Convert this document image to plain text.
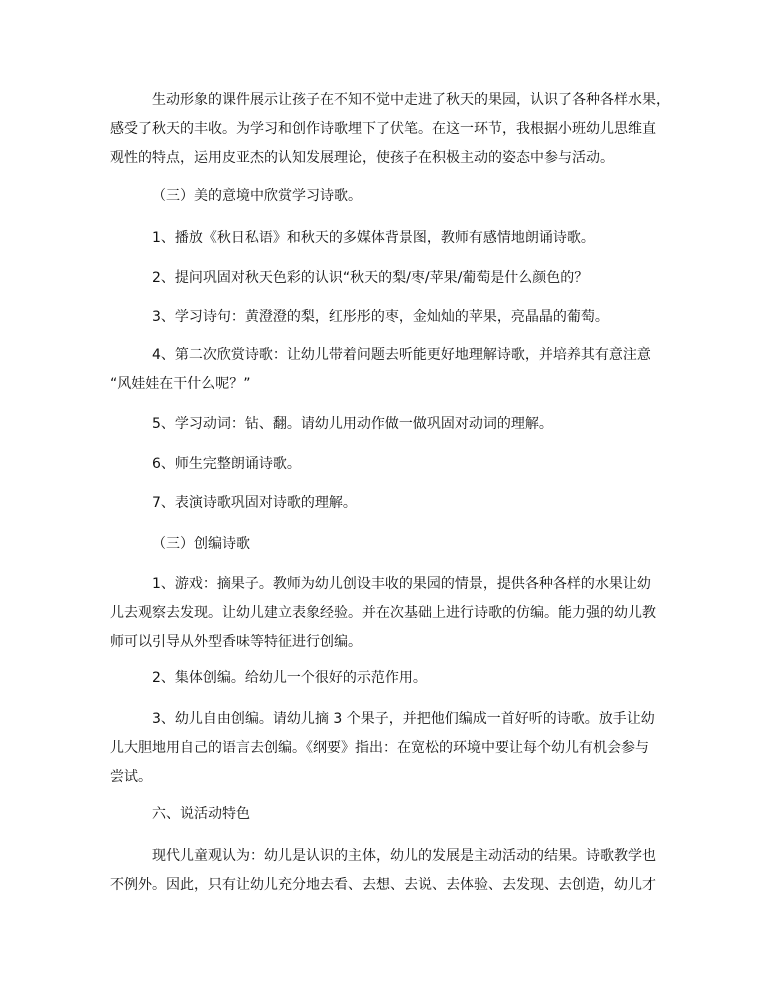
生动形象的课件展示让孩子在不知不觉中走进了秋天的果园，认识了各种各样水果，
感受了秋天的丰收。为学习和创作诗歌埋下了伏笔。在这一环节，我根据小班幼儿思维直
观性的特点，运用皮亚杰的认知发展理论，使孩子在积极主动的姿态中参与活动。
（三）美的意境中欣赏学习诗歌。
1、播放《秋日私语》和秋天的多媒体背景图，教师有感情地朗诵诗歌。
2、提问巩固对秋天色彩的认识“秋天的梨/枣/苹果/葡萄是什么颜色的？
3、学习诗句：黄澄澄的梨，红彤彤的枣，金灿灿的苹果，亮晶晶的葡萄。
4、第二次欣赏诗歌：让幼儿带着问题去听能更好地理解诗歌，并培养其有意注意
“风娃娃在干什么呢？”
5、学习动词：钻、翻。请幼儿用动作做一做巩固对动词的理解。
6、师生完整朗诵诗歌。
7、表演诗歌巩固对诗歌的理解。
（三）创编诗歌
1、游戏：摘果子。教师为幼儿创设丰收的果园的情景，提供各种各样的水果让幼
儿去观察去发现。让幼儿建立表象经验。并在次基础上进行诗歌的仿编。能力强的幼儿教
师可以引导从外型香味等特征进行创编。
2、集体创编。给幼儿一个很好的示范作用。
3、幼儿自由创编。请幼儿摘 3 个果子，并把他们编成一首好听的诗歌。放手让幼
儿大胆地用自己的语言去创编。《纲要》指出：在宽松的环境中要让每个幼儿有机会参与
尝试。
六、说活动特色
现代儿童观认为：幼儿是认识的主体，幼儿的发展是主动活动的结果。诗歌教学也
不例外。因此，只有让幼儿充分地去看、去想、去说、去体验、去发现、去创造，幼儿才
